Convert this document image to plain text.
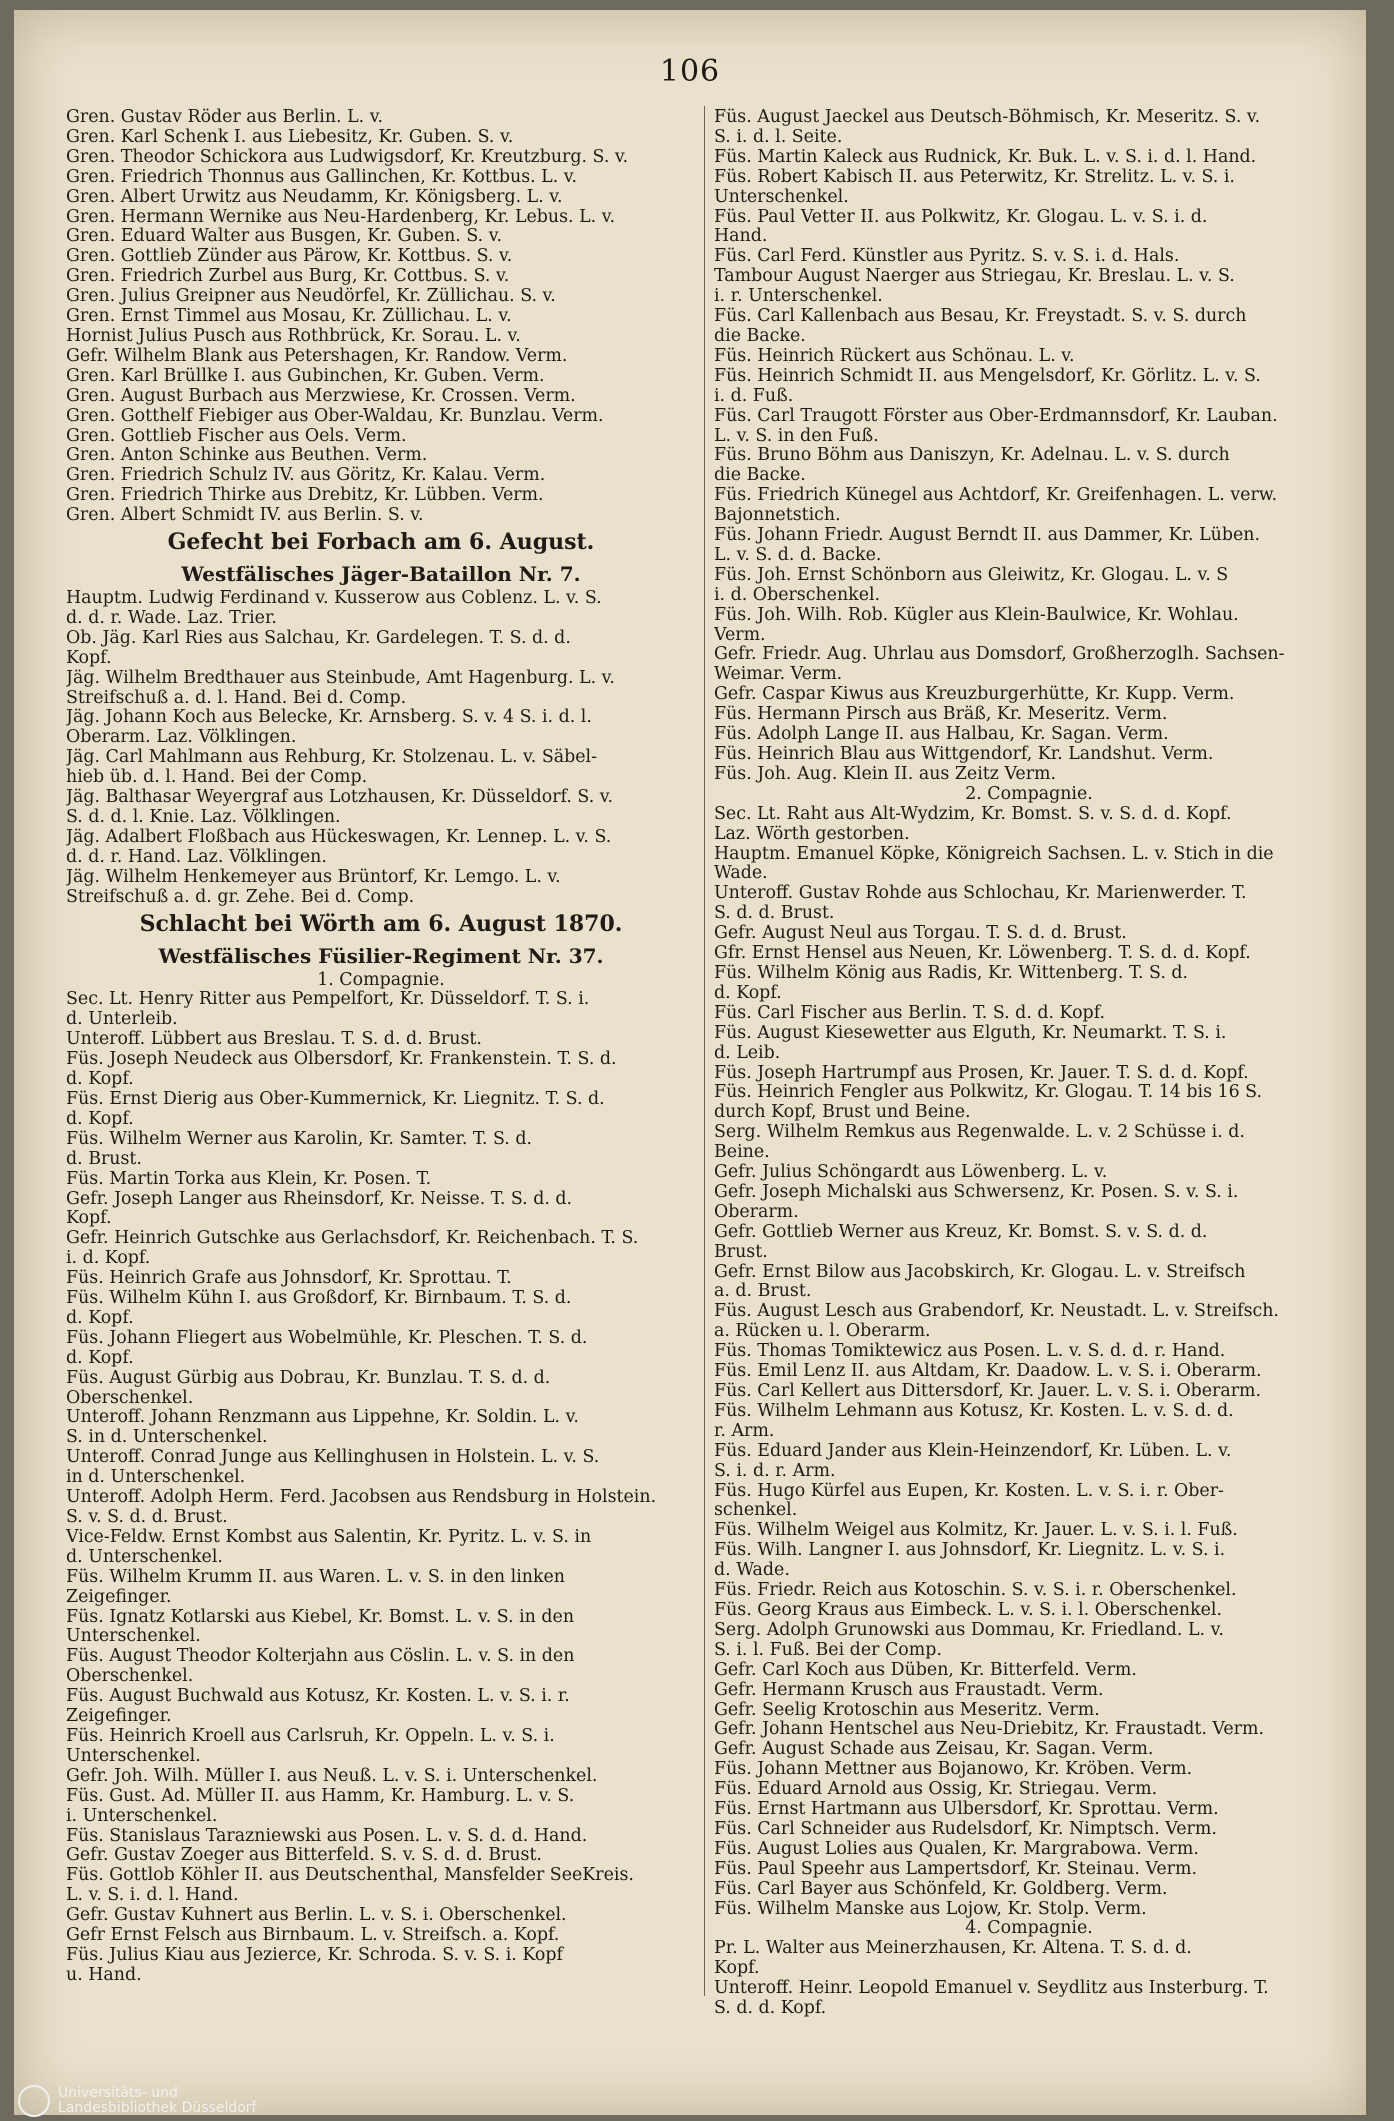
106
Gren. Gustav Röder aus Berlin. L. v.
Gren. Karl Schenk I. aus Liebesitz, Kr. Guben. S. v.
Gren. Theodor Schickora aus Ludwigsdorf, Kr. Kreutzburg. S. v.
Gren. Friedrich Thonnus aus Gallinchen, Kr. Kottbus. L. v.
Gren. Albert Urwitz aus Neudamm, Kr. Königsberg. L. v.
Gren. Hermann Wernike aus Neu-Hardenberg, Kr. Lebus. L. v.
Gren. Eduard Walter aus Busgen, Kr. Guben. S. v.
Gren. Gottlieb Zünder aus Pärow, Kr. Kottbus. S. v.
Gren. Friedrich Zurbel aus Burg, Kr. Cottbus. S. v.
Gren. Julius Greipner aus Neudörfel, Kr. Züllichau. S. v.
Gren. Ernst Timmel aus Mosau, Kr. Züllichau. L. v.
Hornist Julius Pusch aus Rothbrück, Kr. Sorau. L. v.
Gefr. Wilhelm Blank aus Petershagen, Kr. Randow. Verm.
Gren. Karl Brüllke I. aus Gubinchen, Kr. Guben. Verm.
Gren. August Burbach aus Merzwiese, Kr. Crossen. Verm.
Gren. Gotthelf Fiebiger aus Ober-Waldau, Kr. Bunzlau. Verm.
Gren. Gottlieb Fischer aus Oels. Verm.
Gren. Anton Schinke aus Beuthen. Verm.
Gren. Friedrich Schulz IV. aus Göritz, Kr. Kalau. Verm.
Gren. Friedrich Thirke aus Drebitz, Kr. Lübben. Verm.
Gren. Albert Schmidt IV. aus Berlin. S. v.
Gefecht bei Forbach am 6. August.
Westfälisches Jäger-Bataillon Nr. 7.
Hauptm. Ludwig Ferdinand v. Kusserow aus Coblenz. L. v. S.
d. d. r. Wade. Laz. Trier.
Ob. Jäg. Karl Ries aus Salchau, Kr. Gardelegen. T. S. d. d.
Kopf.
Jäg. Wilhelm Bredthauer aus Steinbude, Amt Hagenburg. L. v.
Streifschuß a. d. l. Hand. Bei d. Comp.
Jäg. Johann Koch aus Belecke, Kr. Arnsberg. S. v. 4 S. i. d. l.
Oberarm. Laz. Völklingen.
Jäg. Carl Mahlmann aus Rehburg, Kr. Stolzenau. L. v. Säbel-
hieb üb. d. l. Hand. Bei der Comp.
Jäg. Balthasar Weyergraf aus Lotzhausen, Kr. Düsseldorf. S. v.
S. d. d. l. Knie. Laz. Völklingen.
Jäg. Adalbert Floßbach aus Hückeswagen, Kr. Lennep. L. v. S.
d. d. r. Hand. Laz. Völklingen.
Jäg. Wilhelm Henkemeyer aus Brüntorf, Kr. Lemgo. L. v.
Streifschuß a. d. gr. Zehe. Bei d. Comp.
Schlacht bei Wörth am 6. August 1870.
Westfälisches Füsilier-Regiment Nr. 37.
1. Compagnie.
Sec. Lt. Henry Ritter aus Pempelfort, Kr. Düsseldorf. T. S. i.
d. Unterleib.
Unteroff. Lübbert aus Breslau. T. S. d. d. Brust.
Füs. Joseph Neudeck aus Olbersdorf, Kr. Frankenstein. T. S. d.
d. Kopf.
Füs. Ernst Dierig aus Ober-Kummernick, Kr. Liegnitz. T. S. d.
d. Kopf.
Füs. Wilhelm Werner aus Karolin, Kr. Samter. T. S. d.
d. Brust.
Füs. Martin Torka aus Klein, Kr. Posen. T.
Gefr. Joseph Langer aus Rheinsdorf, Kr. Neisse. T. S. d. d.
Kopf.
Gefr. Heinrich Gutschke aus Gerlachsdorf, Kr. Reichenbach. T. S.
i. d. Kopf.
Füs. Heinrich Grafe aus Johnsdorf, Kr. Sprottau. T.
Füs. Wilhelm Kühn I. aus Großdorf, Kr. Birnbaum. T. S. d.
d. Kopf.
Füs. Johann Fliegert aus Wobelmühle, Kr. Pleschen. T. S. d.
d. Kopf.
Füs. August Gürbig aus Dobrau, Kr. Bunzlau. T. S. d. d.
Oberschenkel.
Unteroff. Johann Renzmann aus Lippehne, Kr. Soldin. L. v.
S. in d. Unterschenkel.
Unteroff. Conrad Junge aus Kellinghusen in Holstein. L. v. S.
in d. Unterschenkel.
Unteroff. Adolph Herm. Ferd. Jacobsen aus Rendsburg in Holstein.
S. v. S. d. d. Brust.
Vice-Feldw. Ernst Kombst aus Salentin, Kr. Pyritz. L. v. S. in
d. Unterschenkel.
Füs. Wilhelm Krumm II. aus Waren. L. v. S. in den linken
Zeigefinger.
Füs. Ignatz Kotlarski aus Kiebel, Kr. Bomst. L. v. S. in den
Unterschenkel.
Füs. August Theodor Kolterjahn aus Cöslin. L. v. S. in den
Oberschenkel.
Füs. August Buchwald aus Kotusz, Kr. Kosten. L. v. S. i. r.
Zeigefinger.
Füs. Heinrich Kroell aus Carlsruh, Kr. Oppeln. L. v. S. i.
Unterschenkel.
Gefr. Joh. Wilh. Müller I. aus Neuß. L. v. S. i. Unterschenkel.
Füs. Gust. Ad. Müller II. aus Hamm, Kr. Hamburg. L. v. S.
i. Unterschenkel.
Füs. Stanislaus Tarazniewski aus Posen. L. v. S. d. d. Hand.
Gefr. Gustav Zoeger aus Bitterfeld. S. v. S. d. d. Brust.
Füs. Gottlob Köhler II. aus Deutschenthal, Mansfelder SeeKreis.
L. v. S. i. d. l. Hand.
Gefr. Gustav Kuhnert aus Berlin. L. v. S. i. Oberschenkel.
Gefr Ernst Felsch aus Birnbaum. L. v. Streifsch. a. Kopf.
Füs. Julius Kiau aus Jezierce, Kr. Schroda. S. v. S. i. Kopf
u. Hand.
Füs. August Jaeckel aus Deutsch-Böhmisch, Kr. Meseritz. S. v.
S. i. d. l. Seite.
Füs. Martin Kaleck aus Rudnick, Kr. Buk. L. v. S. i. d. l. Hand.
Füs. Robert Kabisch II. aus Peterwitz, Kr. Strelitz. L. v. S. i.
Unterschenkel.
Füs. Paul Vetter II. aus Polkwitz, Kr. Glogau. L. v. S. i. d.
Hand.
Füs. Carl Ferd. Künstler aus Pyritz. S. v. S. i. d. Hals.
Tambour August Naerger aus Striegau, Kr. Breslau. L. v. S.
i. r. Unterschenkel.
Füs. Carl Kallenbach aus Besau, Kr. Freystadt. S. v. S. durch
die Backe.
Füs. Heinrich Rückert aus Schönau. L. v.
Füs. Heinrich Schmidt II. aus Mengelsdorf, Kr. Görlitz. L. v. S.
i. d. Fuß.
Füs. Carl Traugott Förster aus Ober-Erdmannsdorf, Kr. Lauban.
L. v. S. in den Fuß.
Füs. Bruno Böhm aus Daniszyn, Kr. Adelnau. L. v. S. durch
die Backe.
Füs. Friedrich Künegel aus Achtdorf, Kr. Greifenhagen. L. verw.
Bajonnetstich.
Füs. Johann Friedr. August Berndt II. aus Dammer, Kr. Lüben.
L. v. S. d. d. Backe.
Füs. Joh. Ernst Schönborn aus Gleiwitz, Kr. Glogau. L. v. S
i. d. Oberschenkel.
Füs. Joh. Wilh. Rob. Kügler aus Klein-Baulwice, Kr. Wohlau.
Verm.
Gefr. Friedr. Aug. Uhrlau aus Domsdorf, Großherzoglh. Sachsen-
Weimar. Verm.
Gefr. Caspar Kiwus aus Kreuzburgerhütte, Kr. Kupp. Verm.
Füs. Hermann Pirsch aus Bräß, Kr. Meseritz. Verm.
Füs. Adolph Lange II. aus Halbau, Kr. Sagan. Verm.
Füs. Heinrich Blau aus Wittgendorf, Kr. Landshut. Verm.
Füs. Joh. Aug. Klein II. aus Zeitz Verm.
2. Compagnie.
Sec. Lt. Raht aus Alt-Wydzim, Kr. Bomst. S. v. S. d. d. Kopf.
Laz. Wörth gestorben.
Hauptm. Emanuel Köpke, Königreich Sachsen. L. v. Stich in die
Wade.
Unteroff. Gustav Rohde aus Schlochau, Kr. Marienwerder. T.
S. d. d. Brust.
Gefr. August Neul aus Torgau. T. S. d. d. Brust.
Gfr. Ernst Hensel aus Neuen, Kr. Löwenberg. T. S. d. d. Kopf.
Füs. Wilhelm König aus Radis, Kr. Wittenberg. T. S. d.
d. Kopf.
Füs. Carl Fischer aus Berlin. T. S. d. d. Kopf.
Füs. August Kiesewetter aus Elguth, Kr. Neumarkt. T. S. i.
d. Leib.
Füs. Joseph Hartrumpf aus Prosen, Kr. Jauer. T. S. d. d. Kopf.
Füs. Heinrich Fengler aus Polkwitz, Kr. Glogau. T. 14 bis 16 S.
durch Kopf, Brust und Beine.
Serg. Wilhelm Remkus aus Regenwalde. L. v. 2 Schüsse i. d.
Beine.
Gefr. Julius Schöngardt aus Löwenberg. L. v.
Gefr. Joseph Michalski aus Schwersenz, Kr. Posen. S. v. S. i.
Oberarm.
Gefr. Gottlieb Werner aus Kreuz, Kr. Bomst. S. v. S. d. d.
Brust.
Gefr. Ernst Bilow aus Jacobskirch, Kr. Glogau. L. v. Streifsch
a. d. Brust.
Füs. August Lesch aus Grabendorf, Kr. Neustadt. L. v. Streifsch.
a. Rücken u. l. Oberarm.
Füs. Thomas Tomiktewicz aus Posen. L. v. S. d. d. r. Hand.
Füs. Emil Lenz II. aus Altdam, Kr. Daadow. L. v. S. i. Oberarm.
Füs. Carl Kellert aus Dittersdorf, Kr. Jauer. L. v. S. i. Oberarm.
Füs. Wilhelm Lehmann aus Kotusz, Kr. Kosten. L. v. S. d. d.
r. Arm.
Füs. Eduard Jander aus Klein-Heinzendorf, Kr. Lüben. L. v.
S. i. d. r. Arm.
Füs. Hugo Kürfel aus Eupen, Kr. Kosten. L. v. S. i. r. Ober-
schenkel.
Füs. Wilhelm Weigel aus Kolmitz, Kr. Jauer. L. v. S. i. l. Fuß.
Füs. Wilh. Langner I. aus Johnsdorf, Kr. Liegnitz. L. v. S. i.
d. Wade.
Füs. Friedr. Reich aus Kotoschin. S. v. S. i. r. Oberschenkel.
Füs. Georg Kraus aus Eimbeck. L. v. S. i. l. Oberschenkel.
Serg. Adolph Grunowski aus Dommau, Kr. Friedland. L. v.
S. i. l. Fuß. Bei der Comp.
Gefr. Carl Koch aus Düben, Kr. Bitterfeld. Verm.
Gefr. Hermann Krusch aus Fraustadt. Verm.
Gefr. Seelig Krotoschin aus Meseritz. Verm.
Gefr. Johann Hentschel aus Neu-Driebitz, Kr. Fraustadt. Verm.
Gefr. August Schade aus Zeisau, Kr. Sagan. Verm.
Füs. Johann Mettner aus Bojanowo, Kr. Kröben. Verm.
Füs. Eduard Arnold aus Ossig, Kr. Striegau. Verm.
Füs. Ernst Hartmann aus Ulbersdorf, Kr. Sprottau. Verm.
Füs. Carl Schneider aus Rudelsdorf, Kr. Nimptsch. Verm.
Füs. August Lolies aus Qualen, Kr. Margrabowa. Verm.
Füs. Paul Speehr aus Lampertsdorf, Kr. Steinau. Verm.
Füs. Carl Bayer aus Schönfeld, Kr. Goldberg. Verm.
Füs. Wilhelm Manske aus Lojow, Kr. Stolp. Verm.
4. Compagnie.
Pr. L. Walter aus Meinerzhausen, Kr. Altena. T. S. d. d.
Kopf.
Unteroff. Heinr. Leopold Emanuel v. Seydlitz aus Insterburg. T.
S. d. d. Kopf.
Universitäts- und
Landesbibliothek Düsseldorf
